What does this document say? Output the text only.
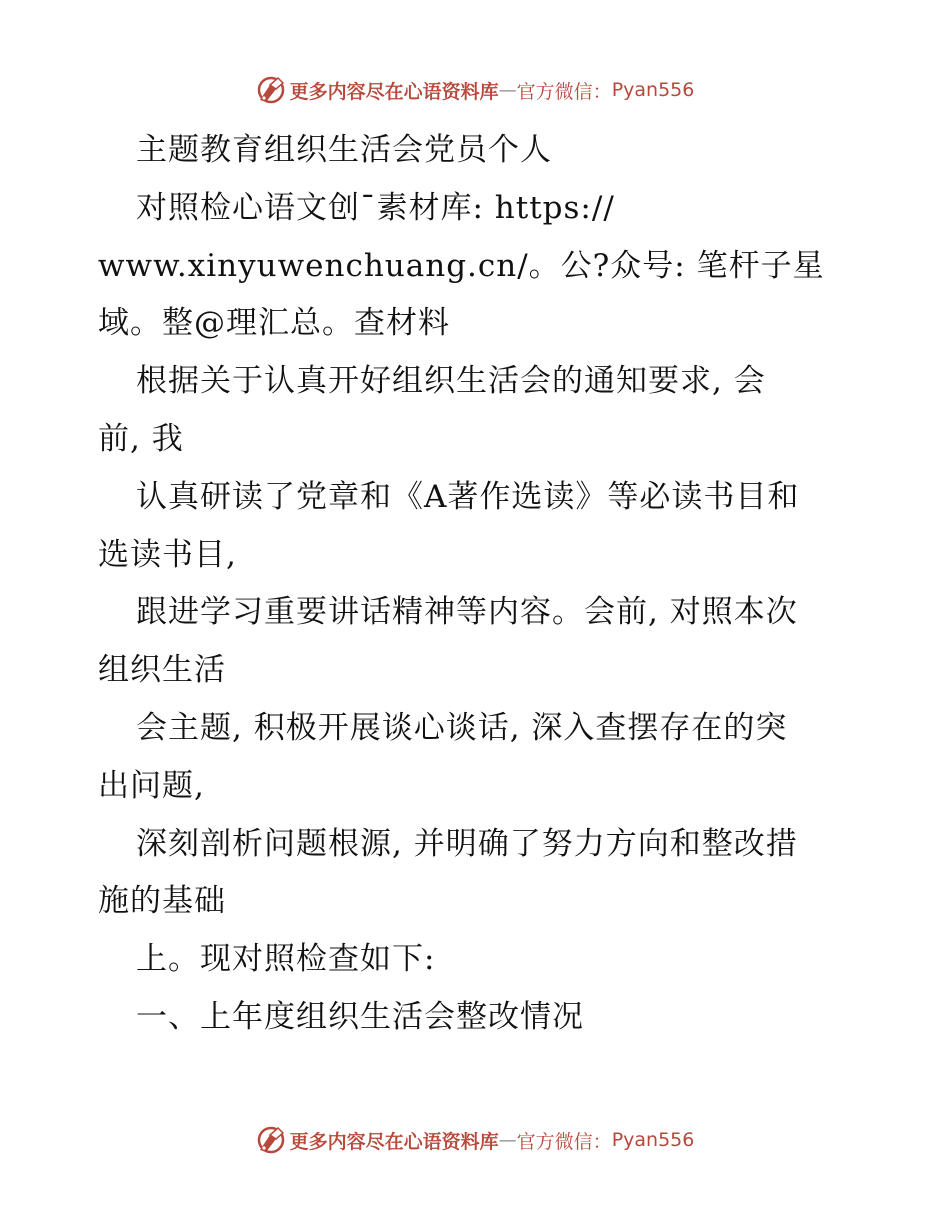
更多内容尽在心语资料库 — 官方微信： Pyan556
主题教育组织生活会党员个人
对照检心语文创¯素材库: https://
www.xinyuwenchuang.cn/。公?众号: 笔杆子星
域。整@理汇总。查材料
根据关于认真开好组织生活会的通知要求, 会
前, 我
认真研读了党章和《A著作选读》等必读书目和
选读书目,
跟进学习重要讲话精神等内容。会前, 对照本次
组织生活
会主题, 积极开展谈心谈话, 深入查摆存在的突
出问题,
深刻剖析问题根源, 并明确了努力方向和整改措
施的基础
上。现对照检查如下:
一、上年度组织生活会整改情况
更多内容尽在心语资料库 — 官方微信： Pyan556
